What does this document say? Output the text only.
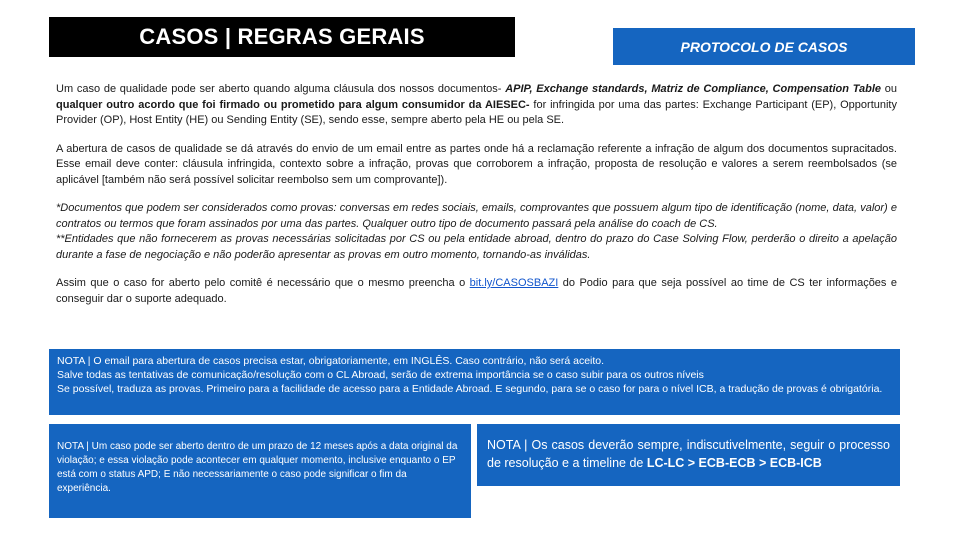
CASOS | REGRAS GERAIS	PROTOCOLO DE CASOS

Um caso de qualidade pode ser aberto quando alguma cláusula dos nossos documentos- APIP, Exchange standards, Matriz de Compliance, Compensation Table ou qualquer outro acordo que foi firmado ou prometido para algum consumidor da AIESEC- for infringida por uma das partes: Exchange Participant (EP), Opportunity Provider (OP), Host Entity (HE) ou Sending Entity (SE), sendo esse, sempre aberto pela HE ou pela SE.

A abertura de casos de qualidade se dá através do envio de um email entre as partes onde há a reclamação referente a infração de algum dos documentos supracitados. Esse email deve conter: cláusula infringida, contexto sobre a infração, provas que corroborem a infração, proposta de resolução e valores a serem reembolsados (se aplicável [também não será possível solicitar reembolso sem um comprovante]).

*Documentos que podem ser considerados como provas: conversas em redes sociais, emails, comprovantes que possuem algum tipo de identificação (nome, data, valor) e contratos ou termos que foram assinados por uma das partes. Qualquer outro tipo de documento passará pela análise do coach de CS.
**Entidades que não fornecerem as provas necessárias solicitadas por CS ou pela entidade abroad, dentro do prazo do Case Solving Flow, perderão o direito a apelação durante a fase de negociação e não poderão apresentar as provas em outro momento, tornando-as inválidas.

Assim que o caso for aberto pelo comitê é necessário que o mesmo preencha o bit.ly/CASOSBAZI do Podio para que seja possível ao time de CS ter informações e conseguir dar o suporte adequado.

NOTA | O email para abertura de casos precisa estar, obrigatoriamente, em INGLÊS. Caso contrário, não será aceito.
Salve todas as tentativas de comunicação/resolução com o CL Abroad, serão de extrema importância se o caso subir para os outros níveis
Se possível, traduza as provas. Primeiro para a facilidade de acesso para a Entidade Abroad. E segundo, para se o caso for para o nível ICB, a tradução de provas é obrigatória.
NOTA | Um caso pode ser aberto dentro de um prazo de 12 meses após a data original da violação; e essa violação pode acontecer em qualquer momento, inclusive enquanto o EP está com o status APD; E não necessariamente o caso pode significar o fim da experiência.
NOTA | Os casos deverão sempre, indiscutivelmente, seguir o processo de resolução e a timeline de LC-LC > ECB-ECB > ECB-ICB
